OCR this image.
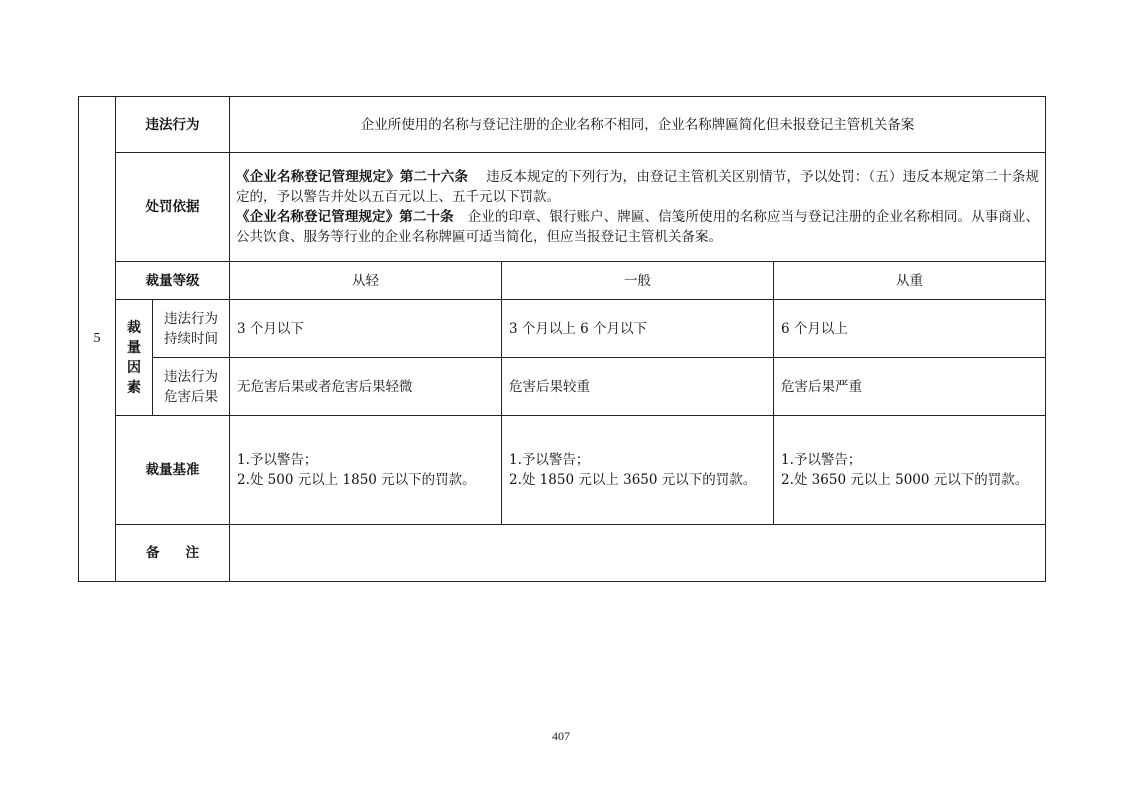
5	违法行为		企业所使用的名称与登记注册的企业名称不相同，企业名称牌匾简化但未报登记主管机关备案		
	处罚依据		《企业名称登记管理规定》第二十六条 违反本规定的下列行为，由登记主管机关区别情节，予以处罚：（五）违反本规定第二十条规定的，予以警告并处以五百元以上、五千元以下罚款。
《企业名称登记管理规定》第二十条 企业的印章、银行账户、牌匾、信笺所使用的名称应当与登记注册的企业名称相同。从事商业、公共饮食、服务等行业的企业名称牌匾可适当简化，但应当报登记主管机关备案。		

	裁量等级		从轻	一般	从重

	裁
量
因
素	违法行为
持续时间	3 个月以下	3 个月以上 6 个月以下	6 个月以上

		违法行为
危害后果	无危害后果或者危害后果轻微	危害后果较重	危害后果严重
	裁量基准		1.予以警告；
2.处 500 元以上 1850 元以下的罚款。	1.予以警告；
2.处 1850 元以上 3650 元以下的罚款。	1.予以警告；
2.处 3650 元以上 5000 元以下的罚款。

	备注				
407
